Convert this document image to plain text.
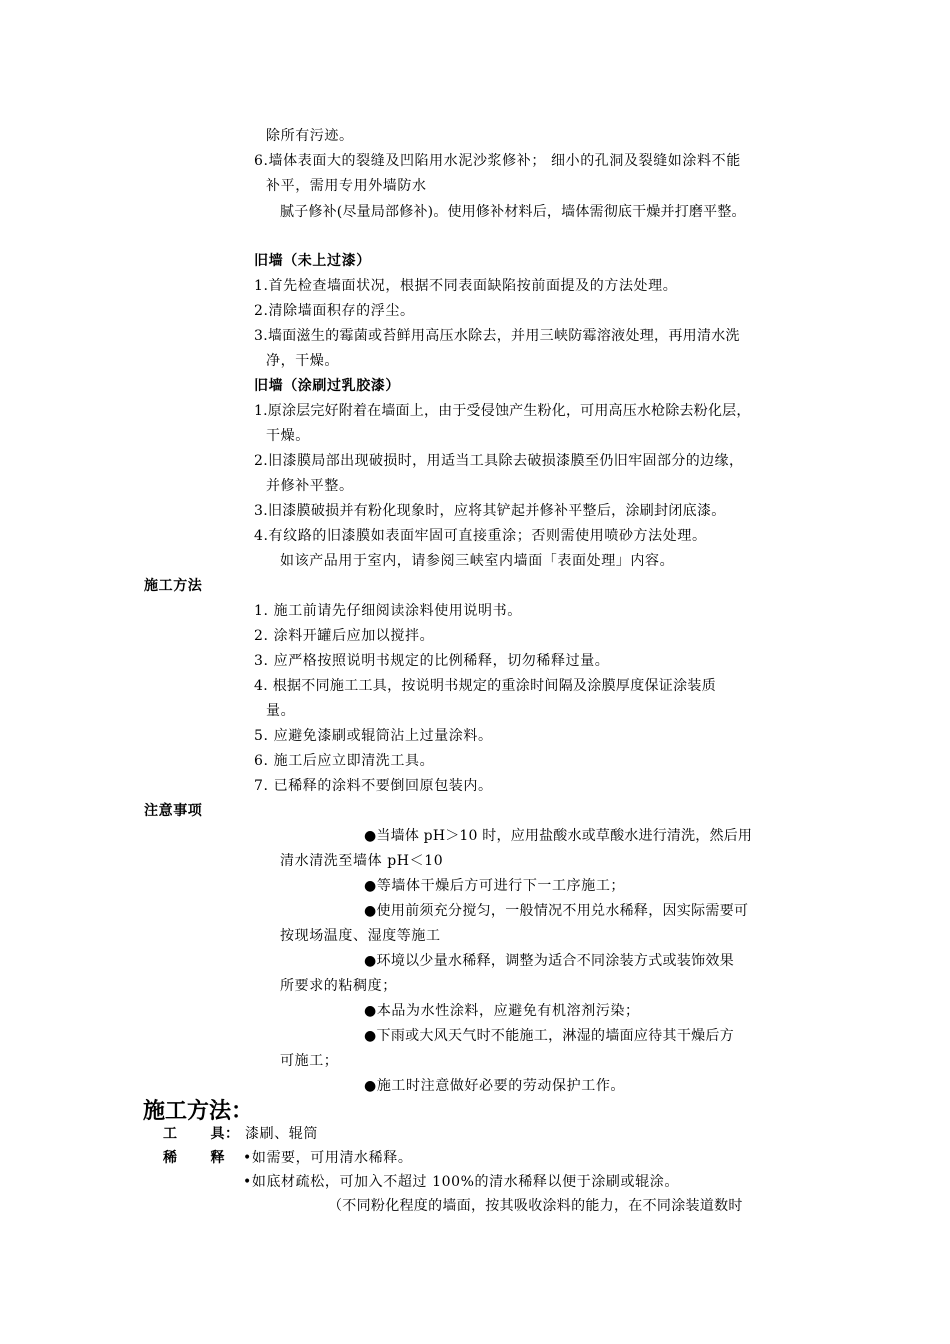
除所有污迹。
6.墙体表面大的裂缝及凹陷用水泥沙浆修补； 细小的孔洞及裂缝如涂料不能
补平，需用专用外墙防水
腻子修补(尽量局部修补)。使用修补材料后，墙体需彻底干燥并打磨平整。
旧墙（未上过漆）
1.首先检查墙面状况，根据不同表面缺陷按前面提及的方法处理。
2.清除墙面积存的浮尘。
3.墙面滋生的霉菌或苔鲜用高压水除去，并用三峡防霉溶液处理，再用清水洗
净，干燥。
旧墙（涂刷过乳胶漆）
1.原涂层完好附着在墙面上，由于受侵蚀产生粉化，可用高压水枪除去粉化层，
干燥。
2.旧漆膜局部出现破损时，用适当工具除去破损漆膜至仍旧牢固部分的边缘，
并修补平整。
3.旧漆膜破损并有粉化现象时，应将其铲起并修补平整后，涂刷封闭底漆。
4.有纹路的旧漆膜如表面牢固可直接重涂；否则需使用喷砂方法处理。
如该产品用于室内，请参阅三峡室内墙面「表面处理」内容。
施工方法
1. 施工前请先仔细阅读涂料使用说明书。
2. 涂料开罐后应加以搅拌。
3. 应严格按照说明书规定的比例稀释，切勿稀释过量。
4. 根据不同施工工具，按说明书规定的重涂时间隔及涂膜厚度保证涂装质
量。
5. 应避免漆刷或辊筒沾上过量涂料。
6. 施工后应立即清洗工具。
7. 已稀释的涂料不要倒回原包装内。
注意事项
●当墙体 pH＞10 时，应用盐酸水或草酸水进行清洗，然后用
清水清洗至墙体 pH＜10
●等墙体干燥后方可进行下一工序施工；
●使用前须充分搅匀，一般情况不用兑水稀释，因实际需要可
按现场温度、湿度等施工
●环境以少量水稀释，调整为适合不同涂装方式或装饰效果
所要求的粘稠度；
●本品为水性涂料，应避免有机溶剂污染；
●下雨或大风天气时不能施工，淋湿的墙面应待其干燥后方
可施工；
●施工时注意做好必要的劳动保护工作。
施工方法：
工      具： 漆刷、辊筒
稀      释 •如需要，可用清水稀释。
•如底材疏松，可加入不超过 100%的清水稀释以便于涂刷或辊涂。
（不同粉化程度的墙面，按其吸收涂料的能力，在不同涂装道数时
